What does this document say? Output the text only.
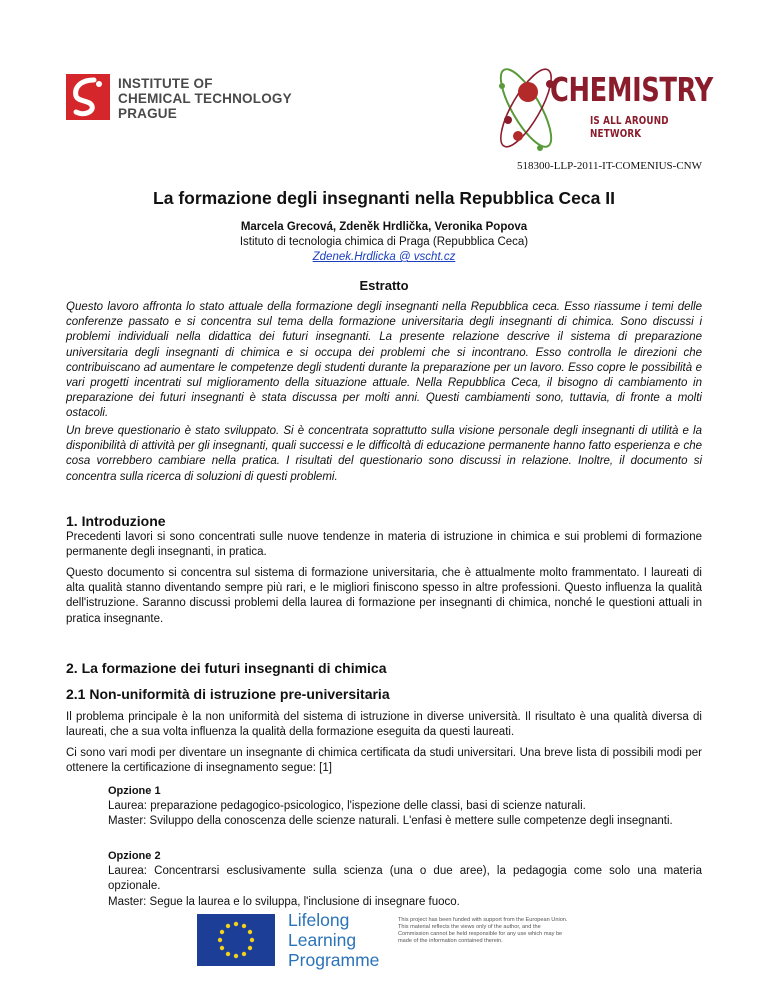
INSTITUTE OF
CHEMICAL TECHNOLOGY
PRAGUE
CHEMISTRY
IS ALL AROUND NETWORK
518300-LLP-2011-IT-COMENIUS-CNW
La formazione degli insegnanti nella Repubblica Ceca II
Marcela Grecová, Zdeněk Hrdlička, Veronika Popova
Istituto di tecnologia chimica di Praga (Repubblica Ceca)
Zdenek.Hrdlicka @ vscht.cz
Estratto
Questo lavoro affronta lo stato attuale della formazione degli insegnanti nella Repubblica ceca. Esso riassume i temi delle conferenze passato e si concentra sul tema della formazione universitaria degli insegnanti di chimica. Sono discussi i problemi individuali nella didattica dei futuri insegnanti. La presente relazione descrive il sistema di preparazione universitaria degli insegnanti di chimica e si occupa dei problemi che si incontrano. Esso controlla le direzioni che contribuiscano ad aumentare le competenze degli studenti durante la preparazione per un lavoro. Esso copre le possibilità e vari progetti incentrati sul miglioramento della situazione attuale. Nella Repubblica Ceca, il bisogno di cambiamento in preparazione dei futuri insegnanti è stata discussa per molti anni. Questi cambiamenti sono, tuttavia, di fronte a molti ostacoli.
Un breve questionario è stato sviluppato. Si è concentrata soprattutto sulla visione personale degli insegnanti di utilità e la disponibilità di attività per gli insegnanti, quali successi e le difficoltà di educazione permanente hanno fatto esperienza e che cosa vorrebbero cambiare nella pratica. I risultati del questionario sono discussi in relazione. Inoltre, il documento si concentra sulla ricerca di soluzioni di questi problemi.
1. Introduzione
Precedenti lavori si sono concentrati sulle nuove tendenze in materia di istruzione in chimica e sui problemi di formazione permanente degli insegnanti, in pratica.
Questo documento si concentra sul sistema di formazione universitaria, che è attualmente molto frammentato. I laureati di alta qualità stanno diventando sempre più rari, e le migliori finiscono spesso in altre professioni. Questo influenza la qualità dell'istruzione. Saranno discussi problemi della laurea di formazione per insegnanti di chimica, nonché le questioni attuali in pratica insegnante.
2. La formazione dei futuri insegnanti di chimica
2.1 Non-uniformità di istruzione pre-universitaria
Il problema principale è la non uniformità del sistema di istruzione in diverse università. Il risultato è una qualità diversa di laureati, che a sua volta influenza la qualità della formazione eseguita da questi laureati.
Ci sono vari modi per diventare un insegnante di chimica certificata da studi universitari. Una breve lista di possibili modi per ottenere la certificazione di insegnamento segue: [1]
Opzione 1
Laurea: preparazione pedagogico-psicologico, l'ispezione delle classi, basi di scienze naturali.
Master: Sviluppo della conoscenza delle scienze naturali. L'enfasi è mettere sulle competenze degli insegnanti.
Opzione 2
Laurea: Concentrarsi esclusivamente sulla scienza (una o due aree), la pedagogia come solo una materia opzionale.
Master: Segue la laurea e lo sviluppa, l'inclusione di insegnare fuoco.
Lifelong
Learning
Programme
This project has been funded with support from the European Union. This material reflects the views only of the author, and the Commission cannot be held responsible for any use which may be made of the information contained therein.
